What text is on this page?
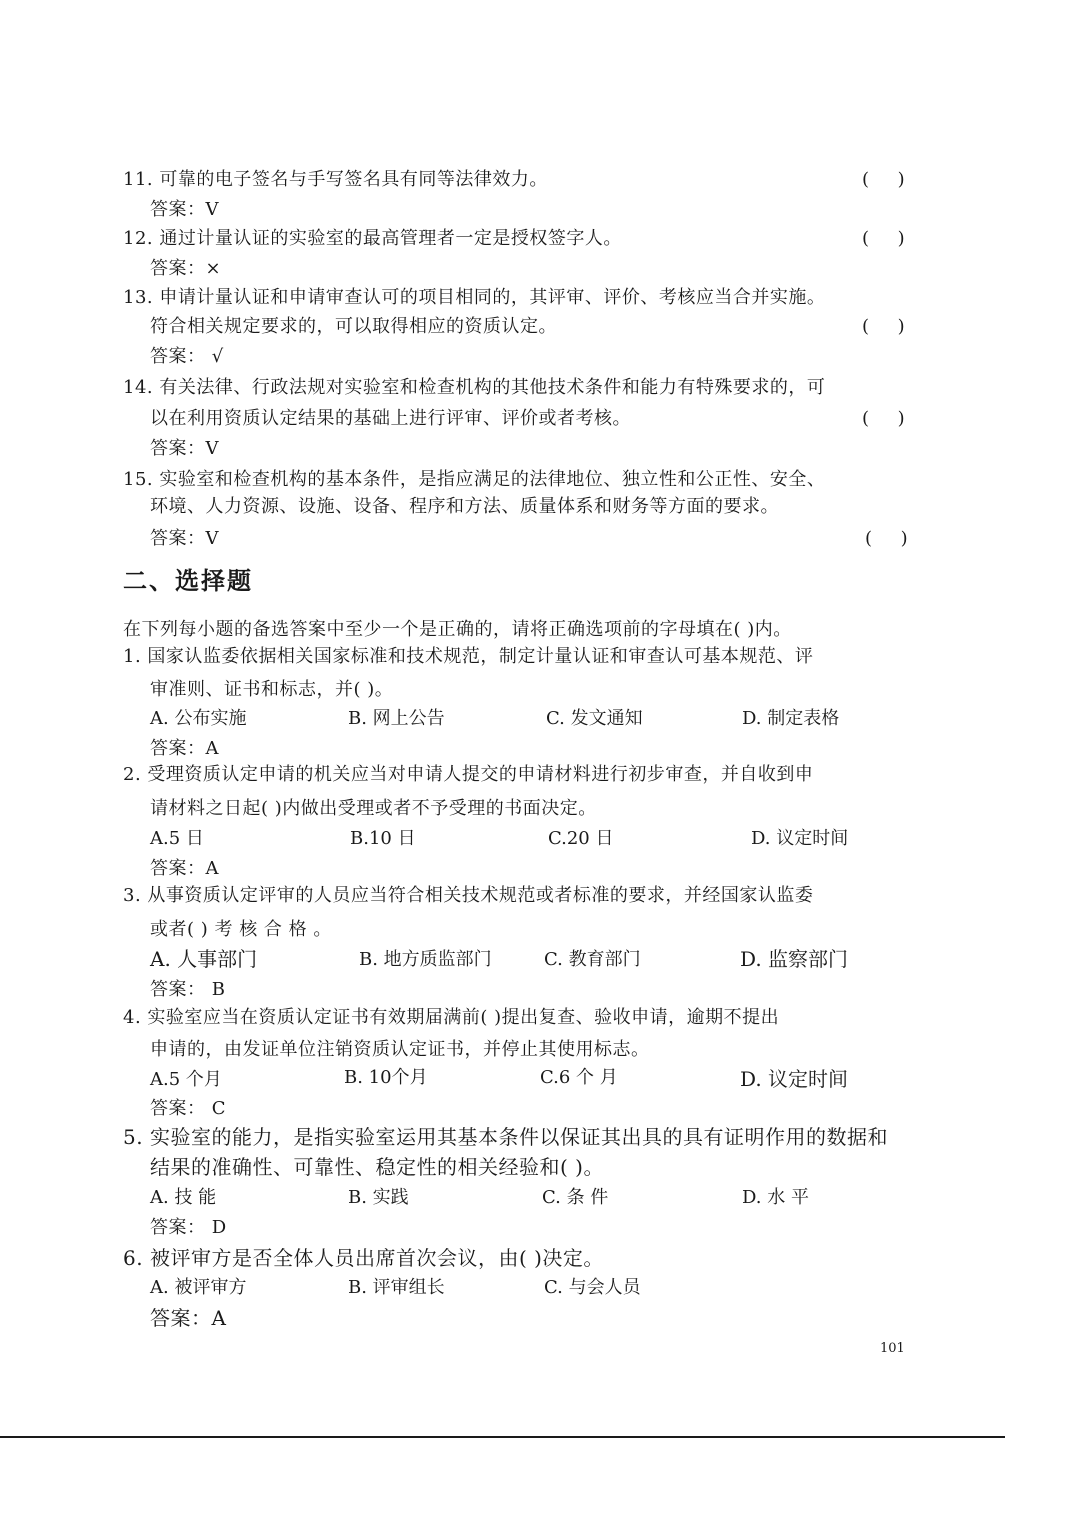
11. 可靠的电子签名与手写签名具有同等法律效力。	(     )
答案：V
12. 通过计量认证的实验室的最高管理者一定是授权签字人。	(     )
答案：×
13. 申请计量认证和申请审查认可的项目相同的，其评审、评价、考核应当合并实施。
符合相关规定要求的，可以取得相应的资质认定。	(     )
答案： √
14. 有关法律、行政法规对实验室和检查机构的其他技术条件和能力有特殊要求的，可
以在利用资质认定结果的基础上进行评审、评价或者考核。	(     )
答案：V
15. 实验室和检查机构的基本条件，是指应满足的法律地位、独立性和公正性、安全、
环境、人力资源、设施、设备、程序和方法、质量体系和财务等方面的要求。
答案：V	(     )
二、选择题
在下列每小题的备选答案中至少一个是正确的，请将正确选项前的字母填在( )内。
1. 国家认监委依据相关国家标准和技术规范，制定计量认证和审查认可基本规范、评
审准则、证书和标志，并( )。
A. 公布实施	B. 网上公告	C. 发文通知	D. 制定表格
答案：A
2. 受理资质认定申请的机关应当对申请人提交的申请材料进行初步审查，并自收到申
请材料之日起( )内做出受理或者不予受理的书面决定。
A.5 日	B.10 日	C.20 日	D. 议定时间
答案：A
3. 从事资质认定评审的人员应当符合相关技术规范或者标准的要求，并经国家认监委
或者( ) 考 核 合 格 。
A. 人事部门	B. 地方质监部门	C. 教育部门	D. 监察部门
答案： B
4. 实验室应当在资质认定证书有效期届满前( )提出复查、验收申请，逾期不提出
申请的，由发证单位注销资质认定证书，并停止其使用标志。
A.5 个月	B. 10个月	C.6 个 月	D. 议定时间
答案： C
5. 实验室的能力，是指实验室运用其基本条件以保证其出具的具有证明作用的数据和
结果的准确性、可靠性、稳定性的相关经验和( )。
A. 技 能	B. 实践	C. 条 件	D. 水 平
答案： D
6. 被评审方是否全体人员出席首次会议，由( )决定。
A. 被评审方	B. 评审组长	C. 与会人员
答案：A
101
